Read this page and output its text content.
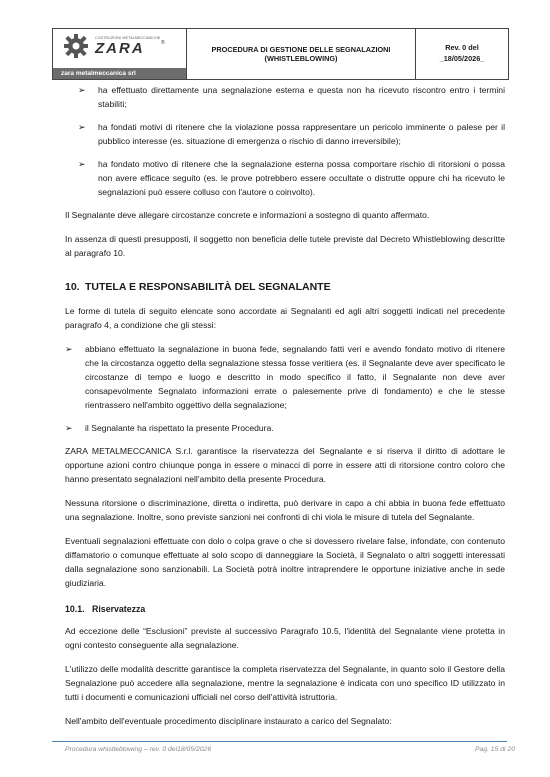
COSTRUZIONI METALMECCANICHE
ZARA	®
zara metalmeccanica srl
PROCEDURA DI GESTIONE DELLE SEGNALAZIONI
(WHISTLEBLOWING)
Rev. 0 del
_18/05/2026_
➢ ha effettuato direttamente una segnalazione esterna e questa non ha ricevuto riscontro entro i termini stabiliti;
➢ ha fondati motivi di ritenere che la violazione possa rappresentare un pericolo imminente o palese per il pubblico interesse (es. situazione di emergenza o rischio di danno irreversibile);
➢ ha fondato motivo di ritenere che la segnalazione esterna possa comportare rischio di ritorsioni o possa non avere efficace seguito (es. le prove potrebbero essere occultate o distrutte oppure chi ha ricevuto le segnalazioni può essere colluso con l'autore o coinvolto).

Il Segnalante deve allegare circostanze concrete e informazioni a sostegno di quanto affermato.

In assenza di questi presupposti, il soggetto non beneficia delle tutele previste dal Decreto Whistleblowing descritte al paragrafo 10.

10. TUTELA E RESPONSABILITÀ DEL SEGNALANTE

Le forme di tutela di seguito elencate sono accordate ai Segnalanti ed agli altri soggetti indicati nel precedente paragrafo 4, a condizione che gli stessi:

➢ abbiano effettuato la segnalazione in buona fede, segnalando fatti veri e avendo fondato motivo di ritenere che la circostanza oggetto della segnalazione stessa fosse veritiera (es. il Segnalante deve aver specificato le circostanze di tempo e luogo e descritto in modo specifico il fatto, il Segnalante non deve aver consapevolmente Segnalato informazioni errate o palesemente prive di fondamento) e che le stesse rientrassero nell'ambito oggettivo della segnalazione;
➢ il Segnalante ha rispettato la presente Procedura.

ZARA METALMECCANICA S.r.l. garantisce la riservatezza del Segnalante e si riserva il diritto di adottare le opportune azioni contro chiunque ponga in essere o minacci di porre in essere atti di ritorsione contro coloro che hanno presentato segnalazioni nell'ambito della presente Procedura.

Nessuna ritorsione o discriminazione, diretta o indiretta, può derivare in capo a chi abbia in buona fede effettuato una segnalazione. Inoltre, sono previste sanzioni nei confronti di chi viola le misure di tutela del Segnalante.

Eventuali segnalazioni effettuate con dolo o colpa grave o che si dovessero rivelare false, infondate, con contenuto diffamatorio o comunque effettuate al solo scopo di danneggiare la Società, il Segnalato o altri soggetti interessati dalla segnalazione sono sanzionabili. La Società potrà inoltre intraprendere le opportune iniziative anche in sede giudiziaria.

10.1. Riservatezza

Ad eccezione delle “Esclusioni” previste al successivo Paragrafo 10.5, l'identità del Segnalante viene protetta in ogni contesto conseguente alla segnalazione.

L'utilizzo delle modalità descritte garantisce la completa riservatezza del Segnalante, in quanto solo il Gestore della Segnalazione può accedere alla segnalazione, mentre la segnalazione è indicata con uno specifico ID utilizzato in tutti i documenti e comunicazioni ufficiali nel corso dell'attività istruttoria.

Nell'ambito dell'eventuale procedimento disciplinare instaurato a carico del Segnalato:

Procedura whistleblowing – rev. 0 del18/05/2026	Pag. 15 di 20
